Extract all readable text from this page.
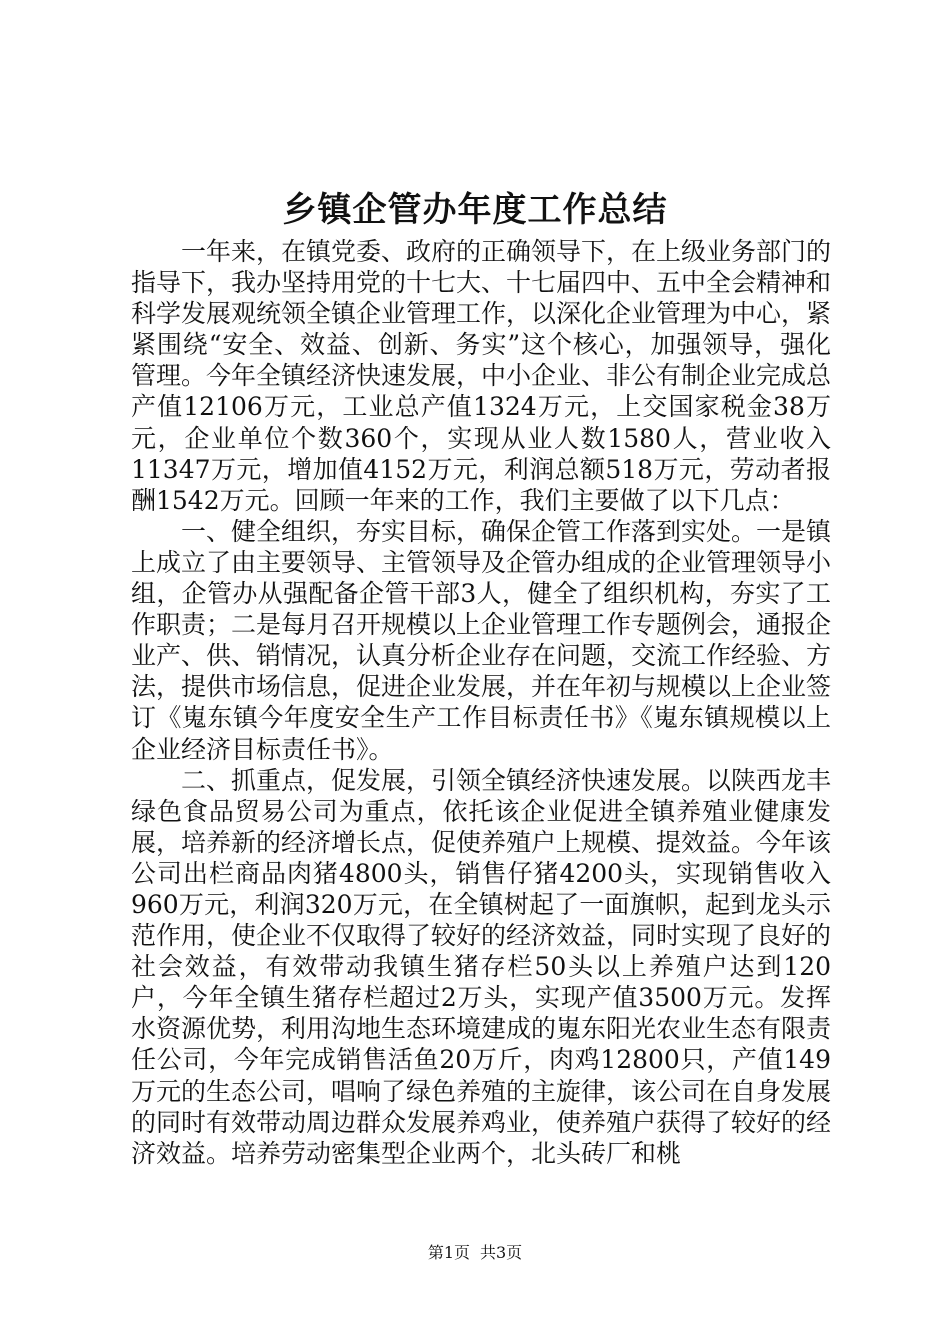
乡镇企管办年度工作总结

一年来，在镇党委、政府的正确领导下，在上级业务部门的指导下，我办坚持用党的十七大、十七届四中、五中全会精神和科学发展观统领全镇企业管理工作，以深化企业管理为中心，紧紧围绕“安全、效益、创新、务实”这个核心，加强领导，强化管理。今年全镇经济快速发展，中小企业、非公有制企业完成总产值12106万元，工业总产值1324万元，上交国家税金38万元，企业单位个数360个，实现从业人数1580人，营业收入11347万元，增加值4152万元，利润总额518万元，劳动者报酬1542万元。回顾一年来的工作，我们主要做了以下几点：

一、健全组织，夯实目标，确保企管工作落到实处。一是镇上成立了由主要领导、主管领导及企管办组成的企业管理领导小组，企管办从强配备企管干部3人，健全了组织机构，夯实了工作职责；二是每月召开规模以上企业管理工作专题例会，通报企业产、供、销情况，认真分析企业存在问题，交流工作经验、方法，提供市场信息，促进企业发展，并在年初与规模以上企业签订《嵬东镇今年度安全生产工作目标责任书》《嵬东镇规模以上企业经济目标责任书》。

二、抓重点，促发展，引领全镇经济快速发展。以陕西龙丰绿色食品贸易公司为重点，依托该企业促进全镇养殖业健康发展，培养新的经济增长点，促使养殖户上规模、提效益。今年该公司出栏商品肉猪4800头，销售仔猪4200头，实现销售收入960万元，利润320万元，在全镇树起了一面旗帜，起到龙头示范作用，使企业不仅取得了较好的经济效益，同时实现了良好的社会效益，有效带动我镇生猪存栏50头以上养殖户达到120户，今年全镇生猪存栏超过2万头，实现产值3500万元。发挥水资源优势，利用沟地生态环境建成的嵬东阳光农业生态有限责任公司，今年完成销售活鱼20万斤，肉鸡12800只，产值149万元的生态公司，唱响了绿色养殖的主旋律，该公司在自身发展的同时有效带动周边群众发展养鸡业，使养殖户获得了较好的经济效益。培养劳动密集型企业两个，北头砖厂和桃

第1页 共3页
